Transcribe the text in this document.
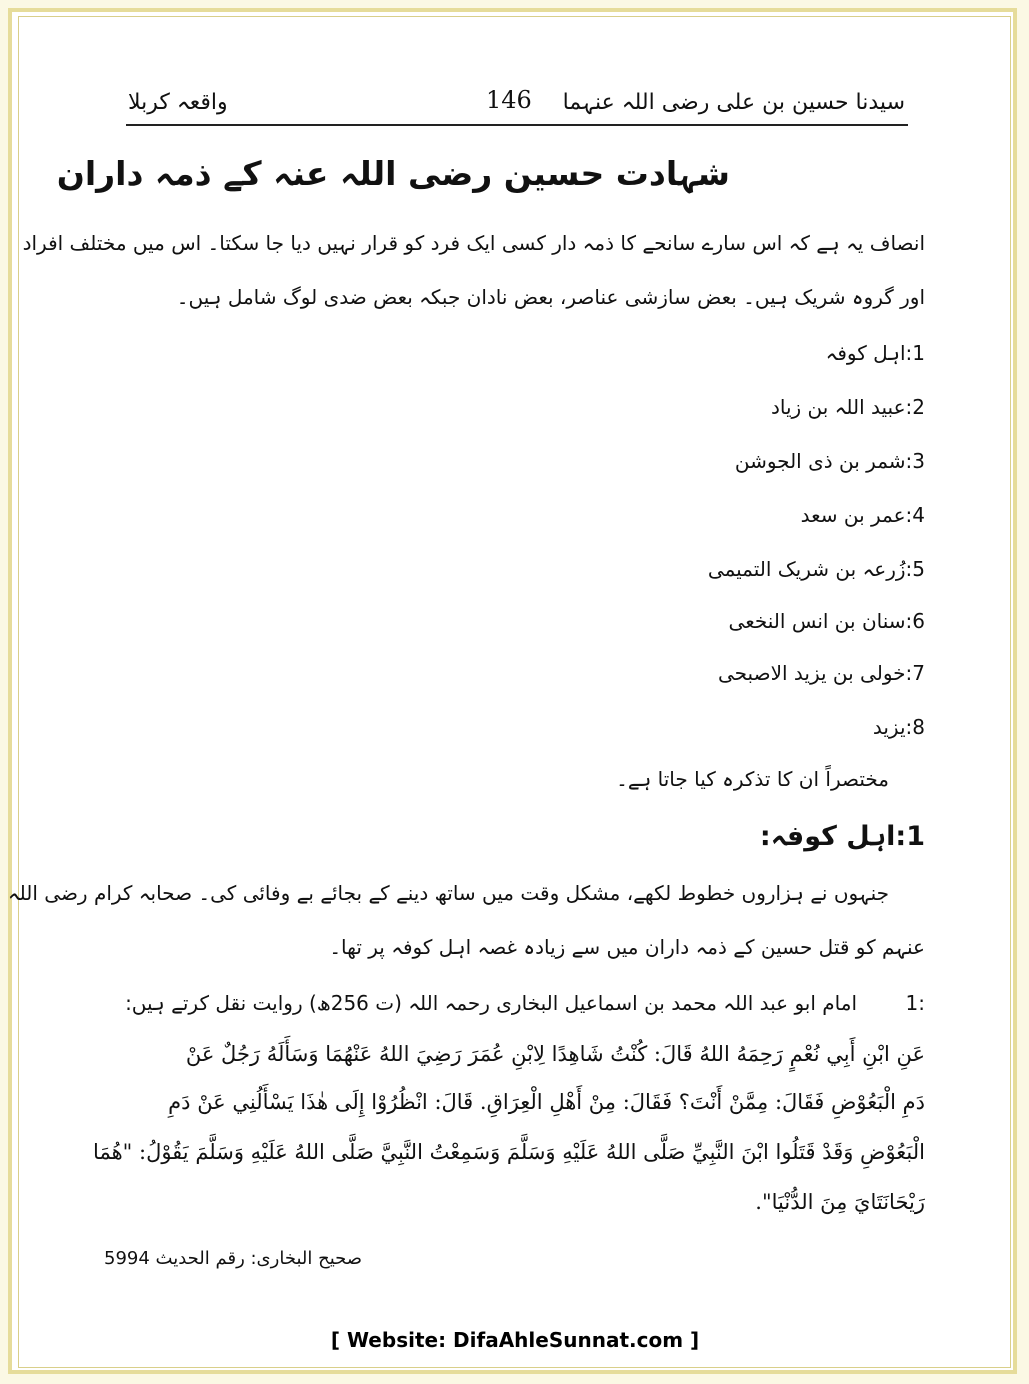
سیدنا حسین بن علی رضی اللہ عنہما
146
واقعہ کربلا
شہادت حسین رضی اللہ عنہ کے ذمہ داران
انصاف یہ ہے کہ اس سارے سانحے کا ذمہ دار کسی ایک فرد کو قرار نہیں دیا جا سکتا۔ اس میں مختلف افراد
اور گروہ شریک ہیں۔ بعض سازشی عناصر، بعض نادان جبکہ بعض ضدی لوگ شامل ہیں۔
1:اہل کوفہ
2:عبید اللہ بن زیاد
3:شمر بن ذی الجوشن
4:عمر بن سعد
5:زُرعہ بن شریک التمیمی
6:سنان بن انس النخعی
7:خولی بن یزید الاصبحی
8:یزید
مختصراً ان کا تذکرہ کیا جاتا ہے۔
1:اہل کوفہ:
جنہوں نے ہزاروں خطوط لکھے، مشکل وقت میں ساتھ دینے کے بجائے بے وفائی کی۔ صحابہ کرام رضی اللہ
عنہم کو قتل حسین کے ذمہ داران میں سے زیادہ غصہ اہل کوفہ پر تھا۔
1:
امام ابو عبد اللہ محمد بن اسماعیل البخاری رحمہ اللہ (ت 256ھ) روایت نقل کرتے ہیں:
عَنِ ابْنِ أَبِي نُعْمٍ رَحِمَهُ اللهُ قَالَ: كُنْتُ شَاهِدًا لِابْنِ عُمَرَ رَضِيَ اللهُ عَنْهُمَا وَسَأَلَهُ رَجُلٌ عَنْ
دَمِ الْبَعُوْضِ فَقَالَ: مِمَّنْ أَنْتَ؟ فَقَالَ: مِنْ أَهْلِ الْعِرَاقِ. قَالَ: انْظُرُوْا إِلَى هٰذَا يَسْأَلُنِي عَنْ دَمِ
الْبَعُوْضِ وَقَدْ قَتَلُوا ابْنَ النَّبِيِّ صَلَّى اللهُ عَلَيْهِ وَسَلَّمَ وَسَمِعْتُ النَّبِيَّ صَلَّى اللهُ عَلَيْهِ وَسَلَّمَ يَقُوْلُ: "هُمَا
رَيْحَانَتَايَ مِنَ الدُّنْيَا".
صحیح البخاری: رقم الحدیث 5994
[ Website: DifaAhleSunnat.com ]
